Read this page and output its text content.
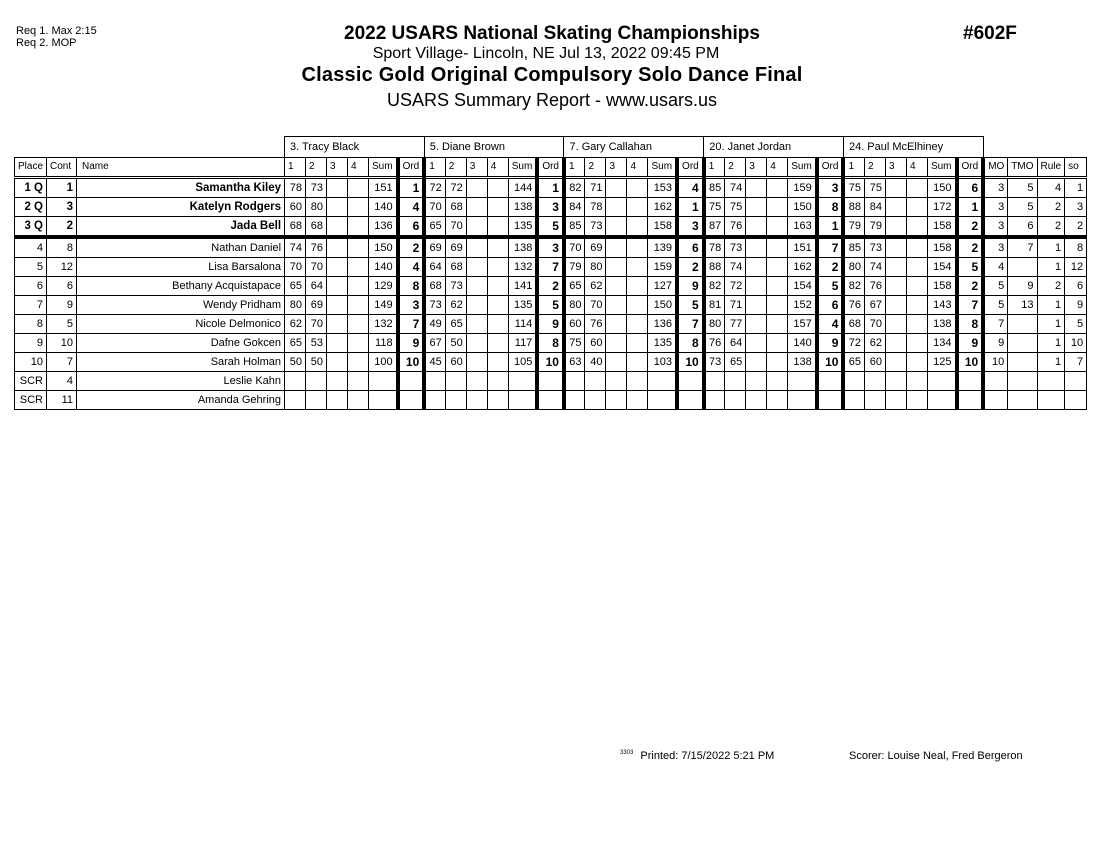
Req 1. Max 2:15
Req 2. MOP	2022 USARS National Skating Championships
Sport Village- Lincoln, NE Jul 13, 2022 09:45 PM
Classic Gold Original Compulsory Solo Dance Final
USARS Summary Report - www.usars.us
#602F
			3. Tracy Black						5. Diane Brown						7. Gary Callahan						20. Janet Jordan						24. Paul McElhiney									
Place	Cont	Name	1	2	3	4	Sum	Ord	1	2	3	4	Sum	Ord	1	2	3	4	Sum	Ord	1	2	3	4	Sum	Ord	1	2	3	4	Sum	Ord	MO	TMO	Rule	so
1 Q	1	Samantha Kiley	78	73			151	1	72	72			144	1	82	71			153	4	85	74			159	3	75	75			150	6	3	5	4	1
2 Q	3	Katelyn Rodgers	60	80			140	4	70	68			138	3	84	78			162	1	75	75			150	8	88	84			172	1	3	5	2	3
3 Q	2	Jada Bell	68	68			136	6	65	70			135	5	85	73			158	3	87	76			163	1	79	79			158	2	3	6	2	2
4	8	Nathan Daniel	74	76			150	2	69	69			138	3	70	69			139	6	78	73			151	7	85	73			158	2	3	7	1	8
5	12	Lisa Barsalona	70	70			140	4	64	68			132	7	79	80			159	2	88	74			162	2	80	74			154	5	4		1	12
6	6	Bethany Acquistapace	65	64			129	8	68	73			141	2	65	62			127	9	82	72			154	5	82	76			158	2	5	9	2	6
7	9	Wendy Pridham	80	69			149	3	73	62			135	5	80	70			150	5	81	71			152	6	76	67			143	7	5	13	1	9
8	5	Nicole Delmonico	62	70			132	7	49	65			114	9	60	76			136	7	80	77			157	4	68	70			138	8	7		1	5
9	10	Dafne Gokcen	65	53			118	9	67	50			117	8	75	60			135	8	76	64			140	9	72	62			134	9	9		1	10
10	7	Sarah Holman	50	50			100	10	45	60			105	10	63	40			103	10	73	65			138	10	65	60			125	10	10		1	7
SCR	4	Leslie Kahn																																		
SCR	11	Amanda Gehring																																		
$^{3303}$ Printed: 7/15/2022 5:21 PM	Scorer: Louise Neal, Fred Bergeron
